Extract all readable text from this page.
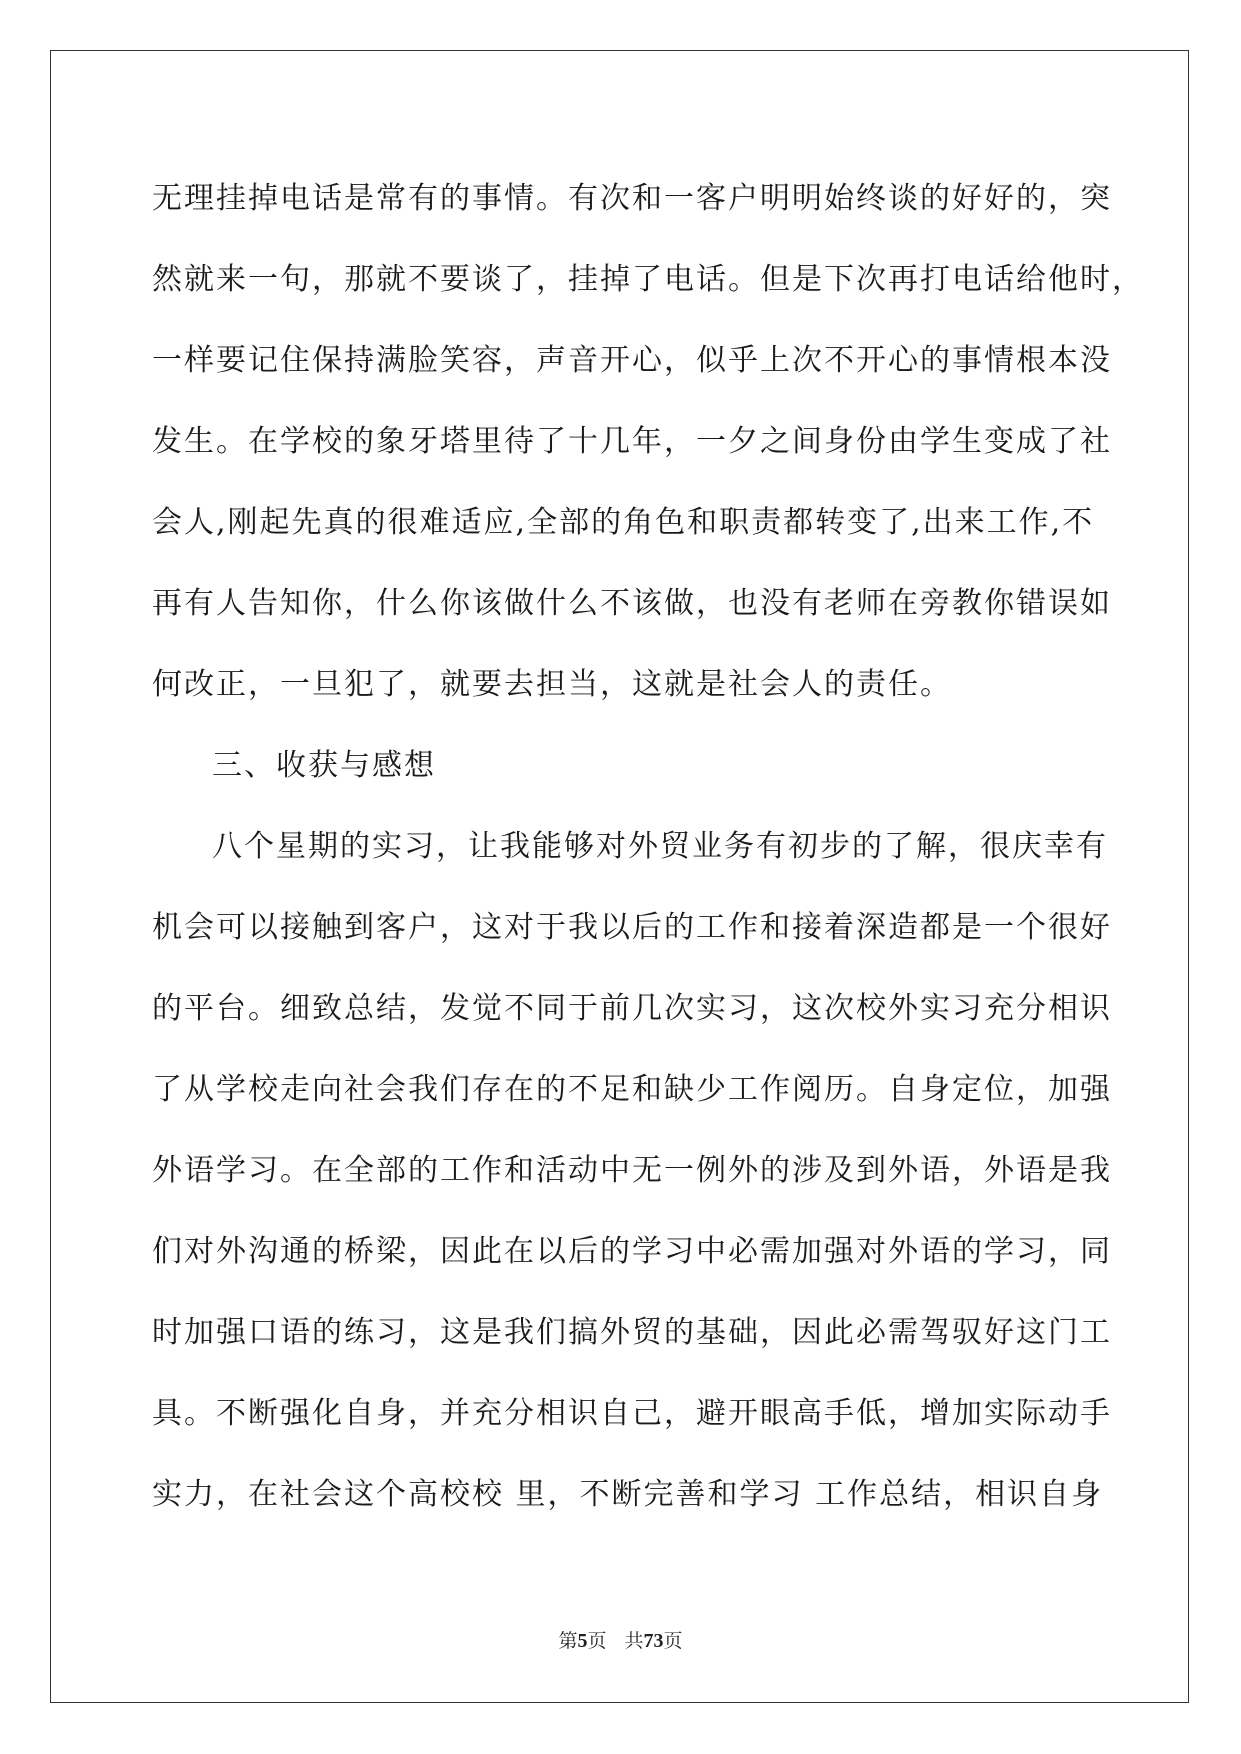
无理挂掉电话是常有的事情。有次和一客户明明始终谈的好好的，突
然就来一句，那就不要谈了，挂掉了电话。但是下次再打电话给他时，
一样要记住保持满脸笑容，声音开心，似乎上次不开心的事情根本没
发生。在学校的象牙塔里待了十几年，一夕之间身份由学生变成了社
会人,刚起先真的很难适应,全部的角色和职责都转变了,出来工作,不
再有人告知你，什么你该做什么不该做，也没有老师在旁教你错误如
何改正，一旦犯了，就要去担当，这就是社会人的责任。
三、收获与感想
八个星期的实习，让我能够对外贸业务有初步的了解，很庆幸有
机会可以接触到客户，这对于我以后的工作和接着深造都是一个很好
的平台。细致总结，发觉不同于前几次实习，这次校外实习充分相识
了从学校走向社会我们存在的不足和缺少工作阅历。自身定位，加强
外语学习。在全部的工作和活动中无一例外的涉及到外语，外语是我
们对外沟通的桥梁，因此在以后的学习中必需加强对外语的学习，同
时加强口语的练习，这是我们搞外贸的基础，因此必需驾驭好这门工
具。不断强化自身，并充分相识自己，避开眼高手低，增加实际动手
实力，在社会这个高校校 里，不断完善和学习 工作总结，相识自身
第5页 共73页
